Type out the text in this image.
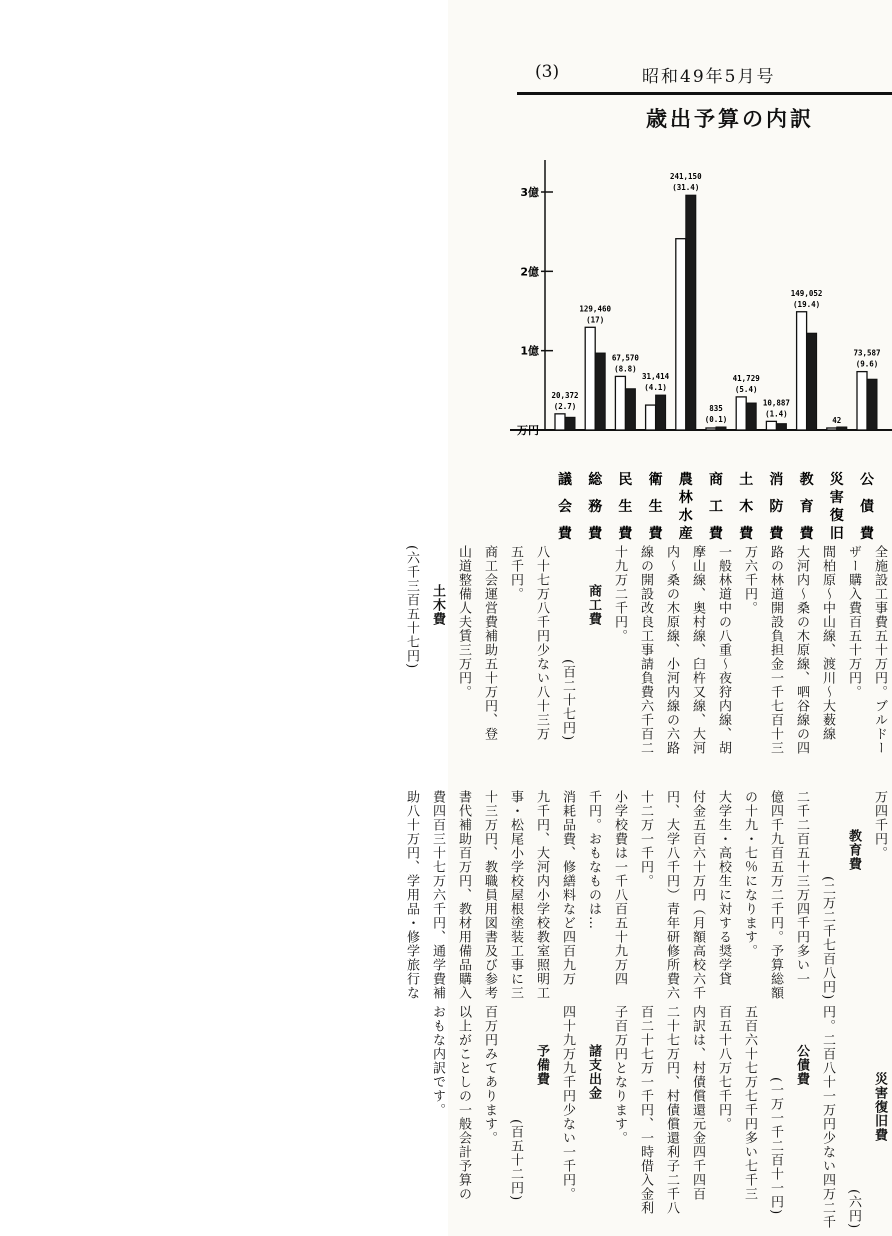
(3)	昭和49年5月号
歳出予算の内訳
3億
2億
1億
万円
20,372
(2.7)
議
会
費
129,460
(17)
総
務
費
67,570
(8.8)
民
生
費
31,414
(4.1)
衛
生
費
241,150
(31.4)
農
林
水
産
835
(0.1)
商
工
費
41,729
(5.4)
土
木
費
10,887
(1.4)
消
防
費
149,052
(19.4)
教
育
費
42
災
害
復
旧
73,587
(9.6)
公
債
費
全施設工事費五十万円。ブルドー
ザー購入費百五十万円。
間柏原〜中山線、渡川〜大薮線
大河内〜桑の木原線、呬谷線の四
路の林道開設負担金一千七百十三
万六千円。
一般林道中の八重〜夜狩内線、胡
摩山線、奥村線、臼杵又線、大河
内〜桑の木原線、小河内線の六路
線の開設改良工事請負費六千百二
十九万二千円。
商工費
(百二十七円)
八十七万八千円少ない八十三万
五千円。
商工会運営費補助五十万円、登
山道整備人夫賃三万円。
土木費
(六千三百五十七円)
万四千円。
教育費
(二万二千七百八円)
二千二百五十三万四千円多い一
億四千九百五万二千円。予算総額
の十九・七％になります。
大学生・高校生に対する奨学貸
付金五百六十万円（月額高校六千
円、大学八千円）青年研修所費六
十二万一千円。
小学校費は一千八百五十九万四
千円。おもなものは…
消耗品費、修繕料など四百九万
九千円、大河内小学校教室照明工
事・松尾小学校屋根塗装工事に三
十三万円、教職員用図書及び参考
書代補助百万円、教材用備品購入
費四百三十七万六千円、通学費補
助八十万円、学用品・修学旅行な
円。
災害復旧費
(六円)
二百八十一万円少ない四万二千
公債費
(一万一千二百十一円)
五百六十七万七千円多い七千三
百五十八万七千円。
内訳は、村債償還元金四千四百
二十七万円、村債償還利子二千八
百二十七万一千円、一時借入金利
子百万円となります。
諸支出金
四十九万九千円少ない一千円。
予備費
(百五十二円)
百万円みてあります。
以上がことしの一般会計予算の
おもな内訳です。
